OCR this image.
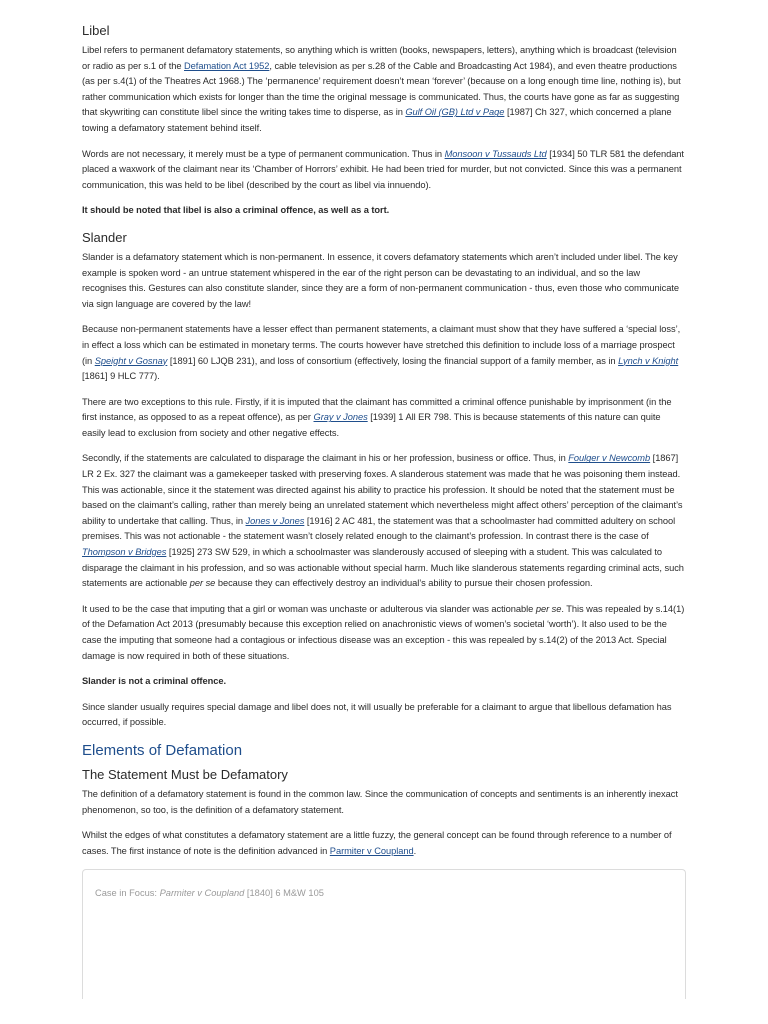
Libel

Libel refers to permanent defamatory statements, so anything which is written (books, newspapers, letters), anything which is broadcast (television or radio as per s.1 of the Defamation Act 1952, cable television as per s.28 of the Cable and Broadcasting Act 1984), and even theatre productions (as per s.4(1) of the Theatres Act 1968.) The ‘permanence’ requirement doesn’t mean ‘forever’ (because on a long enough time line, nothing is), but rather communication which exists for longer than the time the original message is communicated. Thus, the courts have gone as far as suggesting that skywriting can constitute libel since the writing takes time to disperse, as in Gulf Oil (GB) Ltd v Page [1987] Ch 327, which concerned a plane towing a defamatory statement behind itself.

Words are not necessary, it merely must be a type of permanent communication. Thus in Monsoon v Tussauds Ltd [1934] 50 TLR 581 the defendant placed a waxwork of the claimant near its ‘Chamber of Horrors’ exhibit. He had been tried for murder, but not convicted. Since this was a permanent communication, this was held to be libel (described by the court as libel via innuendo).

It should be noted that libel is also a criminal offence, as well as a tort.

Slander

Slander is a defamatory statement which is non-permanent. In essence, it covers defamatory statements which aren’t included under libel. The key example is spoken word - an untrue statement whispered in the ear of the right person can be devastating to an individual, and so the law recognises this. Gestures can also constitute slander, since they are a form of non-permanent communication - thus, even those who communicate via sign language are covered by the law!

Because non-permanent statements have a lesser effect than permanent statements, a claimant must show that they have suffered a ‘special loss’, in effect a loss which can be estimated in monetary terms. The courts however have stretched this definition to include loss of a marriage prospect (in Speight v Gosnay [1891] 60 LJQB 231), and loss of consortium (effectively, losing the financial support of a family member, as in Lynch v Knight [1861] 9 HLC 777).

There are two exceptions to this rule. Firstly, if it is imputed that the claimant has committed a criminal offence punishable by imprisonment (in the first instance, as opposed to as a repeat offence), as per Gray v Jones [1939] 1 All ER 798. This is because statements of this nature can quite easily lead to exclusion from society and other negative effects.

Secondly, if the statements are calculated to disparage the claimant in his or her profession, business or office. Thus, in Foulger v Newcomb [1867] LR 2 Ex. 327 the claimant was a gamekeeper tasked with preserving foxes. A slanderous statement was made that he was poisoning them instead. This was actionable, since it the statement was directed against his ability to practice his profession. It should be noted that the statement must be based on the claimant’s calling, rather than merely being an unrelated statement which nevertheless might affect others’ perception of the claimant’s ability to undertake that calling. Thus, in Jones v Jones [1916] 2 AC 481, the statement was that a schoolmaster had committed adultery on school premises. This was not actionable - the statement wasn’t closely related enough to the claimant’s profession. In contrast there is the case of Thompson v Bridges [1925] 273 SW 529, in which a schoolmaster was slanderously accused of sleeping with a student. This was calculated to disparage the claimant in his profession, and so was actionable without special harm. Much like slanderous statements regarding criminal acts, such statements are actionable per se because they can effectively destroy an individual’s ability to pursue their chosen profession.

It used to be the case that imputing that a girl or woman was unchaste or adulterous via slander was actionable per se. This was repealed by s.14(1) of the Defamation Act 2013 (presumably because this exception relied on anachronistic views of women’s societal ‘worth’). It also used to be the case the imputing that someone had a contagious or infectious disease was an exception - this was repealed by s.14(2) of the 2013 Act. Special damage is now required in both of these situations.

Slander is not a criminal offence.

Since slander usually requires special damage and libel does not, it will usually be preferable for a claimant to argue that libellous defamation has occurred, if possible.

Elements of Defamation
The Statement Must be Defamatory

The definition of a defamatory statement is found in the common law. Since the communication of concepts and sentiments is an inherently inexact phenomenon, so too, is the definition of a defamatory statement.

Whilst the edges of what constitutes a defamatory statement are a little fuzzy, the general concept can be found through reference to a number of cases. The first instance of note is the definition advanced in Parmiter v Coupland.

Case in Focus: Parmiter v Coupland [1840] 6 M&W 105
